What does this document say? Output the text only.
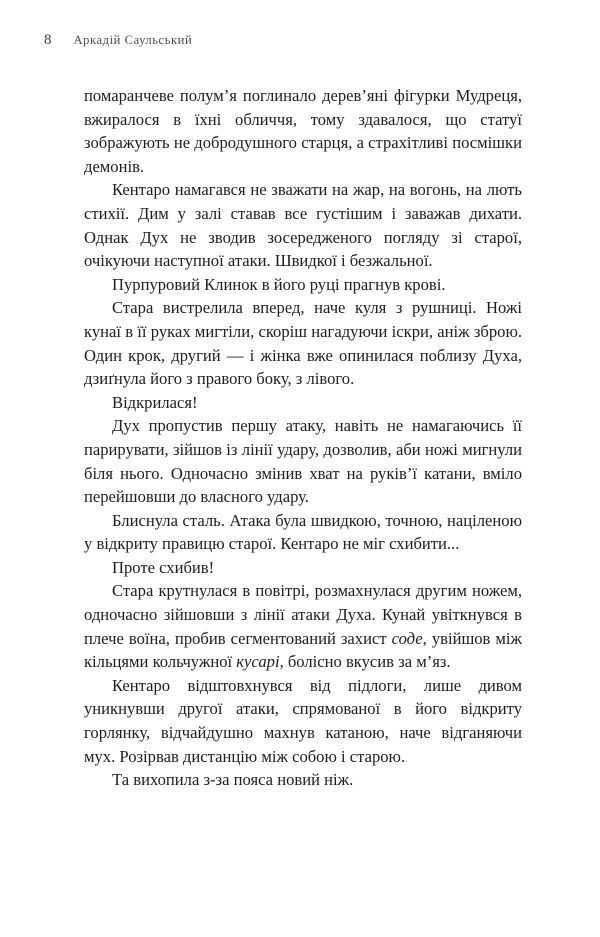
8 Аркадій Саульський

помаранчеве полум’я поглинало дерев’яні фігурки Мудреця, вжиралося в їхні обличчя, тому здавалося, що статуї зображують не добродушного старця, а страхітливі посмішки демонів.

Кентаро намагався не зважати на жар, на вогонь, на лють стихії. Дим у залі ставав все густішим і заважав дихати. Однак Дух не зводив зосередженого погляду зі старої, очікуючи наступної атаки. Швидкої і безжальної.

Пурпуровий Клинок в його руці прагнув крові.

Стара вистрелила вперед, наче куля з рушниці. Ножі кунаї в її руках мигтіли, скоріш нагадуючи іскри, аніж зброю. Один крок, другий — і жінка вже опинилася поблизу Духа, дзиґнула його з правого боку, з лівого.

Відкрилася!

Дух пропустив першу атаку, навіть не намагаючись її парирувати, зійшов із лінії удару, дозволив, аби ножі мигнули біля нього. Одночасно змінив хват на руків’ї катани, вміло перейшовши до власного удару.

Блиснула сталь. Атака була швидкою, точною, націленою у відкриту правицю старої. Кентаро не міг схибити...

Проте схибив!

Стара крутнулася в повітрі, розмахнулася другим ножем, одночасно зійшовши з лінії атаки Духа. Кунай увіткнувся в плече воїна, пробив сегментований захист соде, увійшов між кільцями кольчужної кусарі, болісно вкусив за м’яз.

Кентаро відштовхнувся від підлоги, лише дивом уникнувши другої атаки, спрямованої в його відкриту горлянку, відчайдушно махнув катаною, наче відганяючи мух. Розірвав дистанцію між собою і старою.

Та вихопила з-за пояса новий ніж.
